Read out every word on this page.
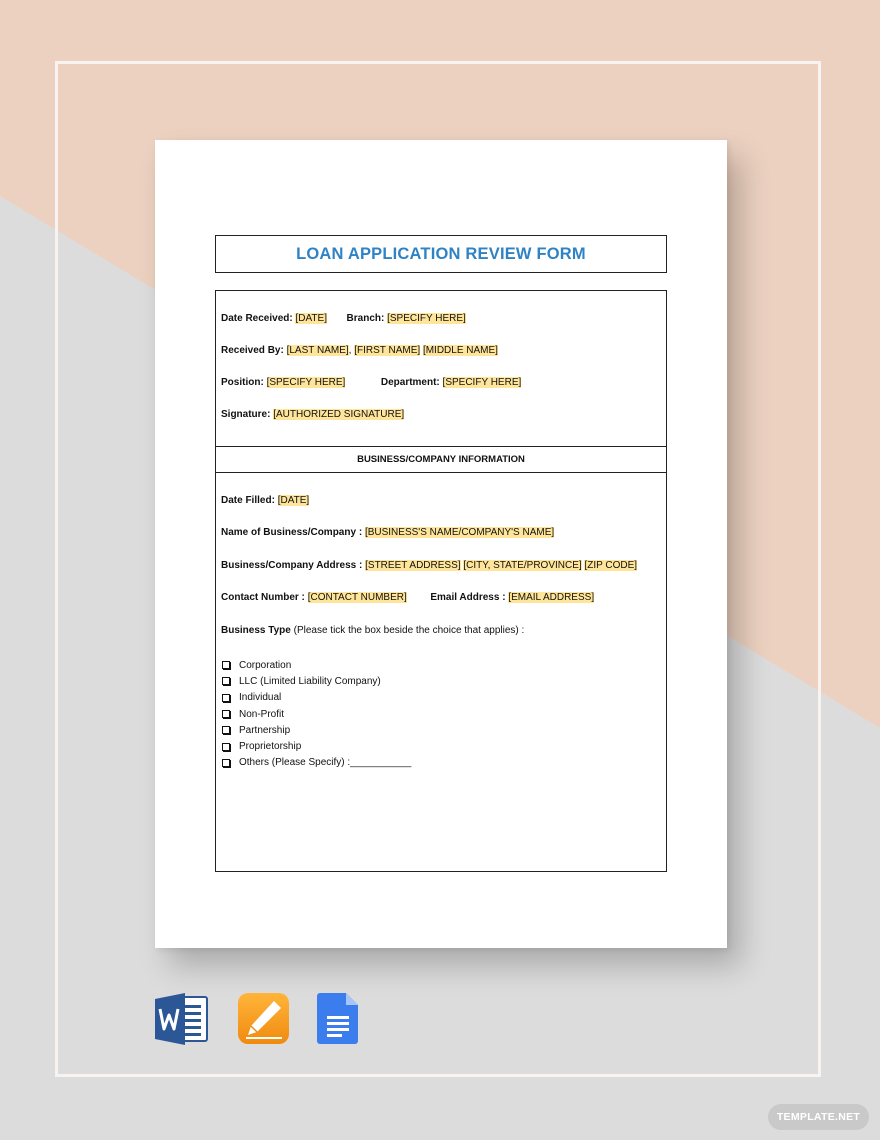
LOAN APPLICATION REVIEW FORM
Date Received: [DATE] Branch: [SPECIFY HERE]
Received By: [LAST NAME], [FIRST NAME] [MIDDLE NAME]
Position: [SPECIFY HERE]	Department: [SPECIFY HERE]
Signature: [AUTHORIZED SIGNATURE]
BUSINESS/COMPANY INFORMATION
Date Filled: [DATE]
Name of Business/Company : [BUSINESS'S NAME/COMPANY'S NAME]
Business/Company Address : [STREET ADDRESS] [CITY, STATE/PROVINCE] [ZIP CODE]
Contact Number : [CONTACT NUMBER] Email Address : [EMAIL ADDRESS]
Business Type (Please tick the box beside the choice that applies) :
Corporation
LLC (Limited Liability Company)
Individual
Non-Profit
Partnership
Proprietorship
Others (Please Specify) :___________
TEMPLATE.NET
